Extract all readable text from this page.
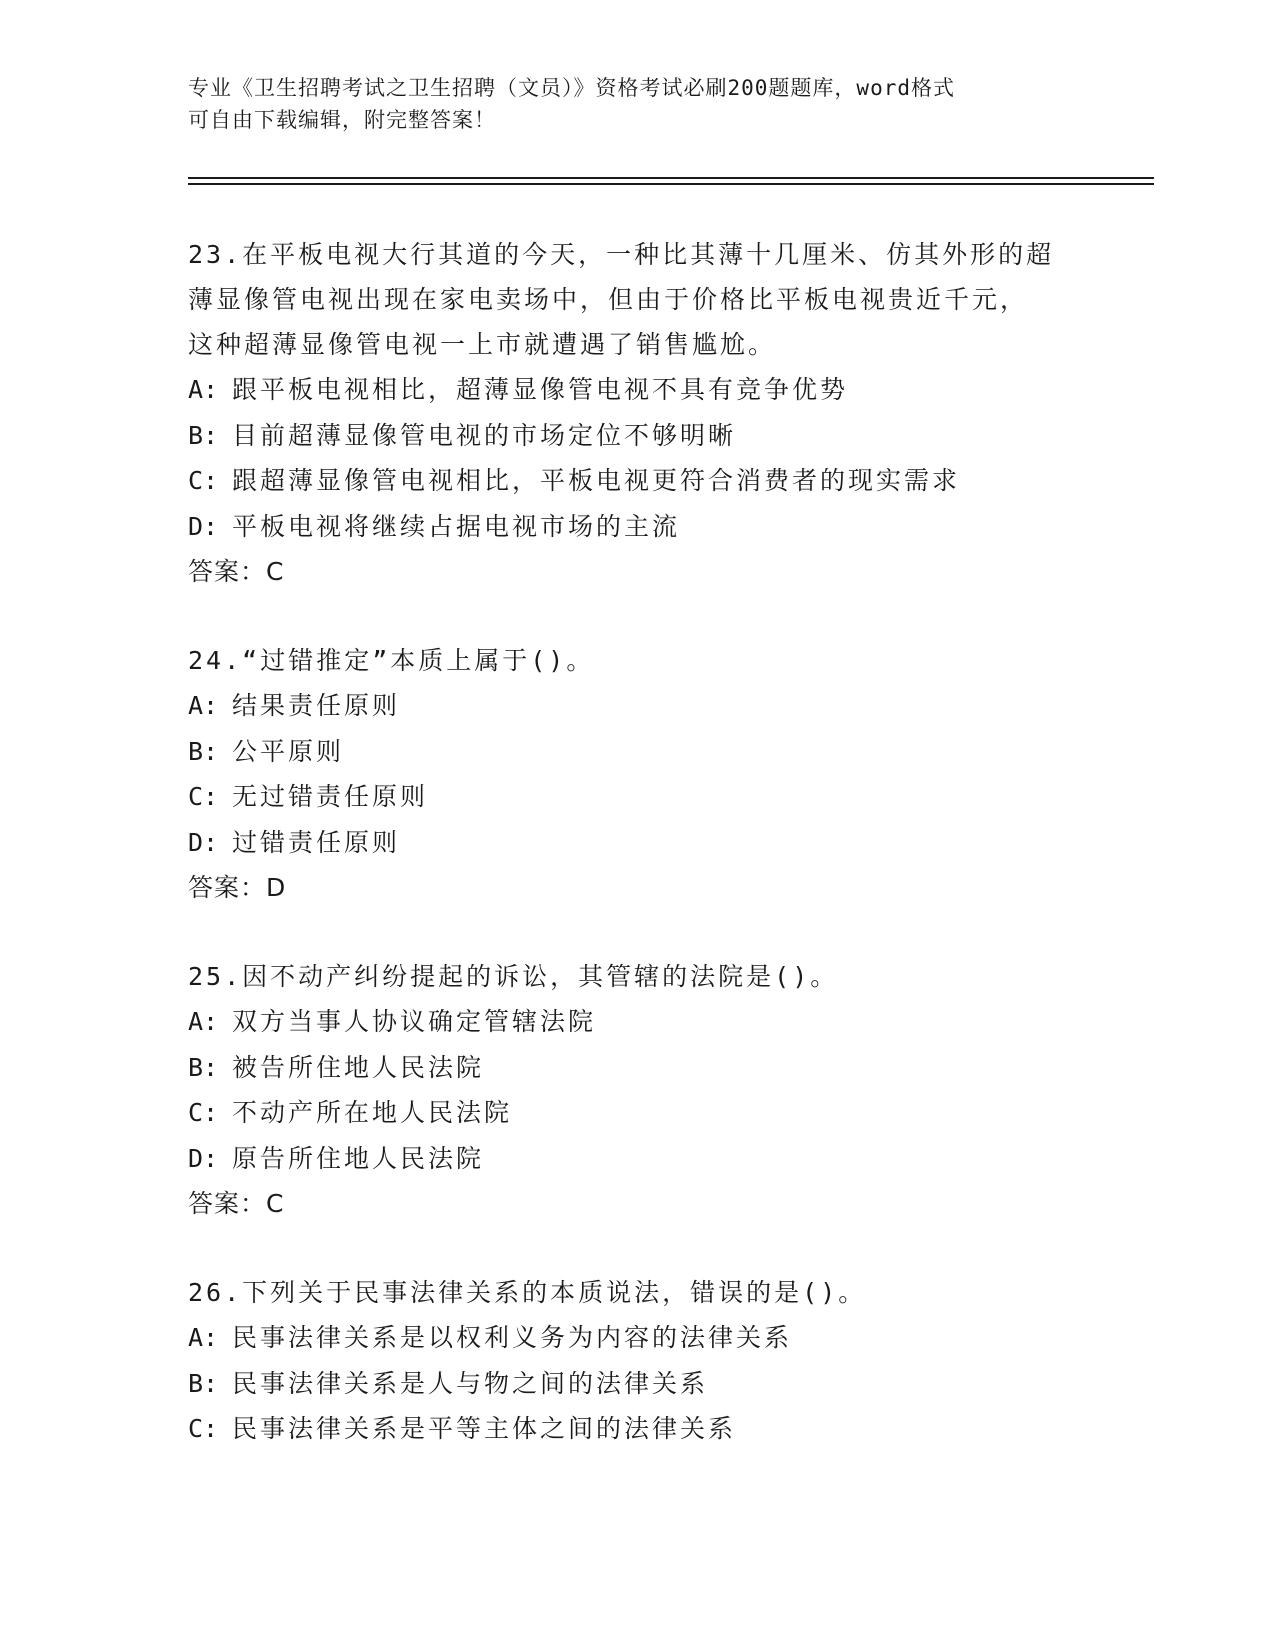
专业《卫生招聘考试之卫生招聘（文员）》资格考试必刷200题题库，word格式

可自由下载编辑，附完整答案！

23.在平板电视大行其道的今天，一种比其薄十几厘米、仿其外形的超

薄显像管电视出现在家电卖场中，但由于价格比平板电视贵近千元，

这种超薄显像管电视一上市就遭遇了销售尴尬。

A: 跟平板电视相比，超薄显像管电视不具有竞争优势

B: 目前超薄显像管电视的市场定位不够明晰

C: 跟超薄显像管电视相比，平板电视更符合消费者的现实需求

D: 平板电视将继续占据电视市场的主流

答案：C

24.“过错推定”本质上属于()。

A: 结果责任原则

B: 公平原则

C: 无过错责任原则

D: 过错责任原则

答案：D

25.因不动产纠纷提起的诉讼，其管辖的法院是()。

A: 双方当事人协议确定管辖法院

B: 被告所住地人民法院

C: 不动产所在地人民法院

D: 原告所住地人民法院

答案：C

26.下列关于民事法律关系的本质说法，错误的是()。

A: 民事法律关系是以权利义务为内容的法律关系

B: 民事法律关系是人与物之间的法律关系

C: 民事法律关系是平等主体之间的法律关系
